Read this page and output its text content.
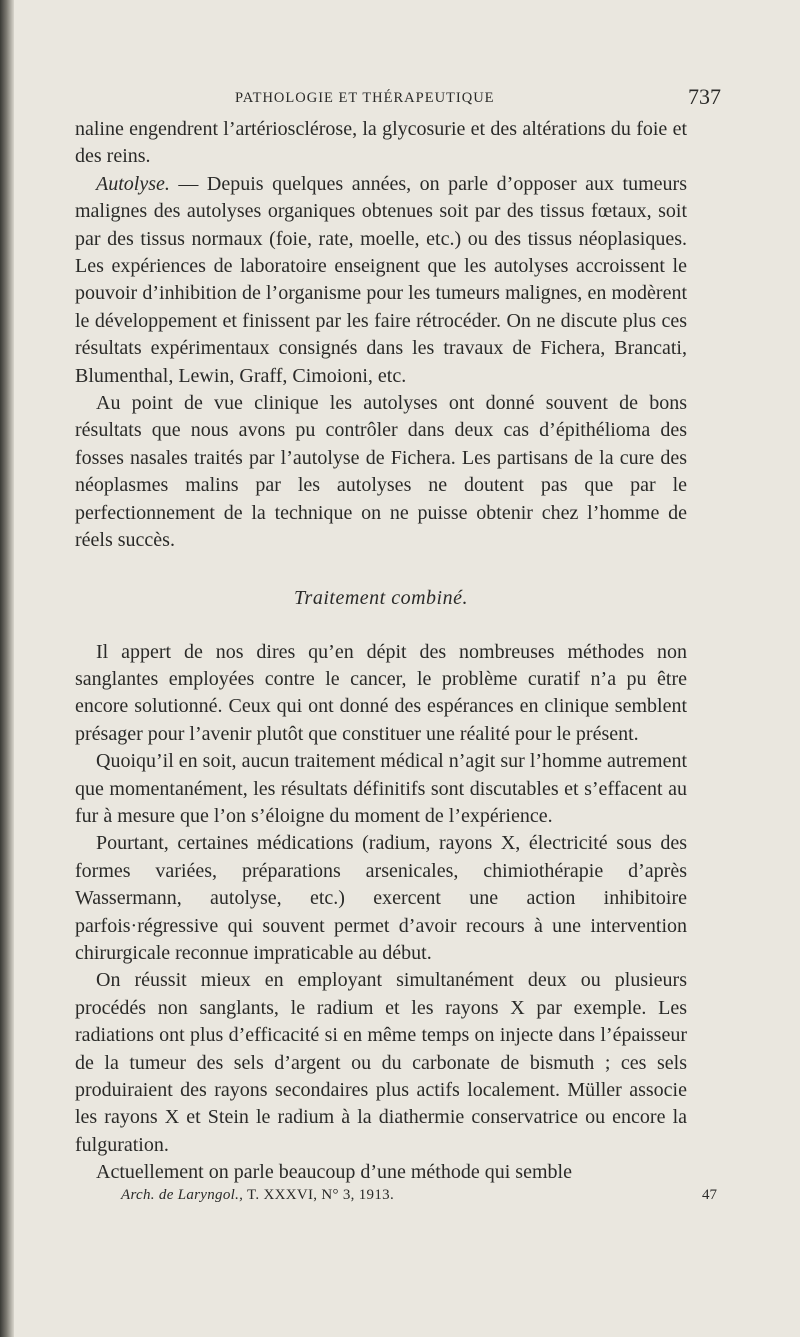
PATHOLOGIE ET THÉRAPEUTIQUE	737

naline engendrent l’artériosclérose, la glycosurie et des altérations du foie et des reins.

Autolyse. — Depuis quelques années, on parle d’opposer aux tumeurs malignes des autolyses organiques obtenues soit par des tissus fœtaux, soit par des tissus normaux (foie, rate, moelle, etc.) ou des tissus néoplasiques. Les expériences de laboratoire enseignent que les autolyses accroissent le pouvoir d’inhibition de l’organisme pour les tumeurs malignes, en modèrent le développement et finissent par les faire rétrocéder. On ne discute plus ces résultats expérimentaux consignés dans les travaux de Fichera, Brancati, Blumenthal, Lewin, Graff, Cimoioni, etc.

Au point de vue clinique les autolyses ont donné souvent de bons résultats que nous avons pu contrôler dans deux cas d’épithélioma des fosses nasales traités par l’autolyse de Fichera. Les partisans de la cure des néoplasmes malins par les autolyses ne doutent pas que par le perfectionnement de la technique on ne puisse obtenir chez l’homme de réels succès.

Traitement combiné.

Il appert de nos dires qu’en dépit des nombreuses méthodes non sanglantes employées contre le cancer, le problème curatif n’a pu être encore solutionné. Ceux qui ont donné des espérances en clinique semblent présager pour l’avenir plutôt que constituer une réalité pour le présent.

Quoiqu’il en soit, aucun traitement médical n’agit sur l’homme autrement que momentanément, les résultats définitifs sont discutables et s’effacent au fur à mesure que l’on s’éloigne du moment de l’expérience.

Pourtant, certaines médications (radium, rayons X, électricité sous des formes variées, préparations arsenicales, chimiothérapie d’après Wassermann, autolyse, etc.) exercent une action inhibitoire parfois·régressive qui souvent permet d’avoir recours à une intervention chirurgicale reconnue impraticable au début.

On réussit mieux en employant simultanément deux ou plusieurs procédés non sanglants, le radium et les rayons X par exemple. Les radiations ont plus d’efficacité si en même temps on injecte dans l’épaisseur de la tumeur des sels d’argent ou du carbonate de bismuth ; ces sels produiraient des rayons secondaires plus actifs localement. Müller associe les rayons X et Stein le radium à la diathermie conservatrice ou encore la fulguration.

Actuellement on parle beaucoup d’une méthode qui semble

Arch. de Laryngol., T. XXXVI, N° 3, 1913.	47
